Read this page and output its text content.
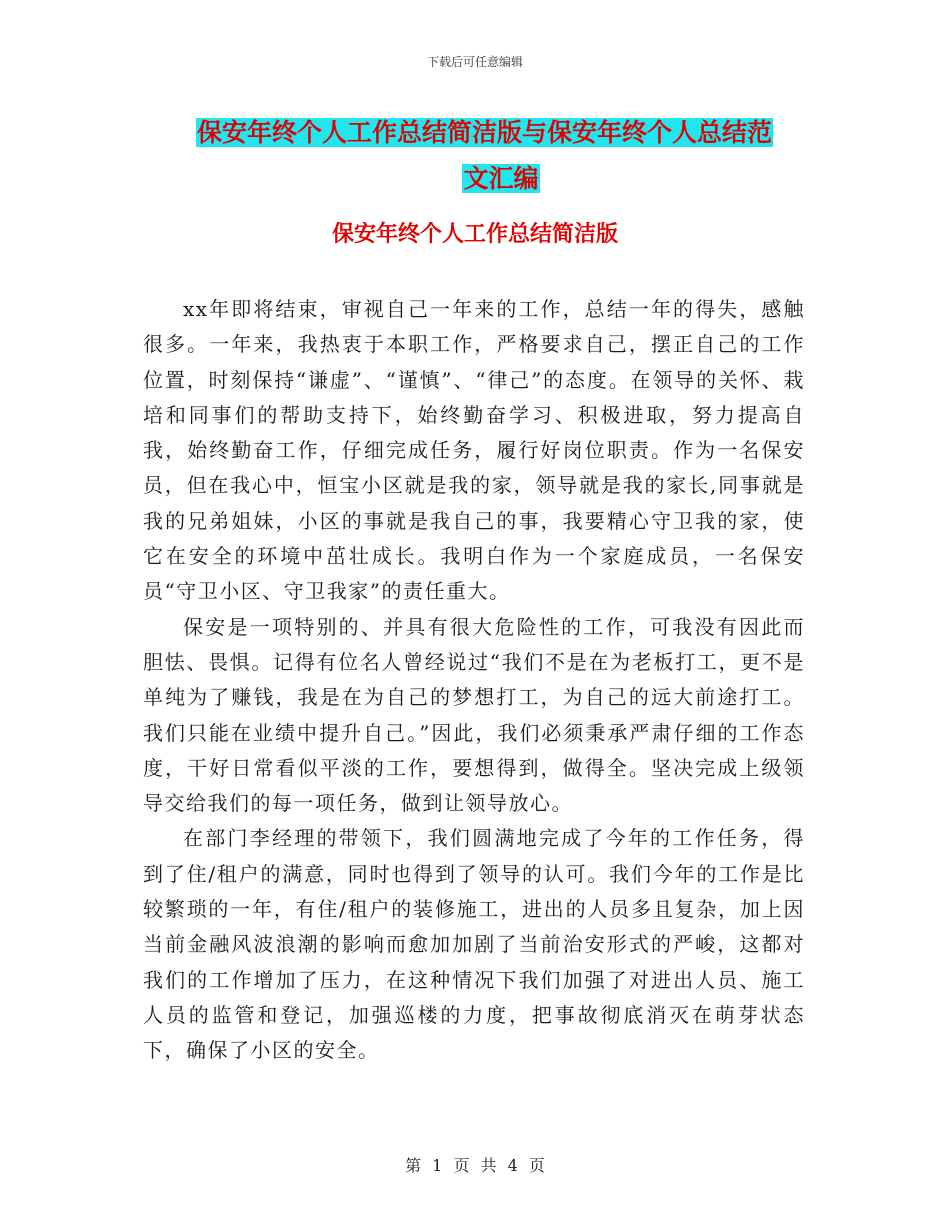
下载后可任意编辑
保安年终个人工作总结简洁版与保安年终个人总结范
文汇编
保安年终个人工作总结简洁版

xx年即将结束，审视自己一年来的工作，总结一年的得失，感触很多。一年来，我热衷于本职工作，严格要求自己，摆正自己的工作位置，时刻保持“谦虚”、“谨慎”、“律己”的态度。在领导的关怀、栽培和同事们的帮助支持下，始终勤奋学习、积极进取，努力提高自我，始终勤奋工作，仔细完成任务，履行好岗位职责。作为一名保安员，但在我心中，恒宝小区就是我的家，领导就是我的家长,同事就是我的兄弟姐妹，小区的事就是我自己的事，我要精心守卫我的家，使它在安全的环境中茁壮成长。我明白作为一个家庭成员，一名保安员“守卫小区、守卫我家”的责任重大。

保安是一项特别的、并具有很大危险性的工作，可我没有因此而胆怯、畏惧。记得有位名人曾经说过“我们不是在为老板打工，更不是单纯为了赚钱，我是在为自己的梦想打工，为自己的远大前途打工。我们只能在业绩中提升自己。”因此，我们必须秉承严肃仔细的工作态度，干好日常看似平淡的工作，要想得到，做得全。坚决完成上级领导交给我们的每一项任务，做到让领导放心。

在部门李经理的带领下，我们圆满地完成了今年的工作任务，得到了住/租户的满意，同时也得到了领导的认可。我们今年的工作是比较繁琐的一年，有住/租户的装修施工，进出的人员多且复杂，加上因当前金融风波浪潮的影响而愈加加剧了当前治安形式的严峻，这都对我们的工作增加了压力，在这种情况下我们加强了对进出人员、施工人员的监管和登记，加强巡楼的力度，把事故彻底消灭在萌芽状态下，确保了小区的安全。

第 1 页 共 4 页
